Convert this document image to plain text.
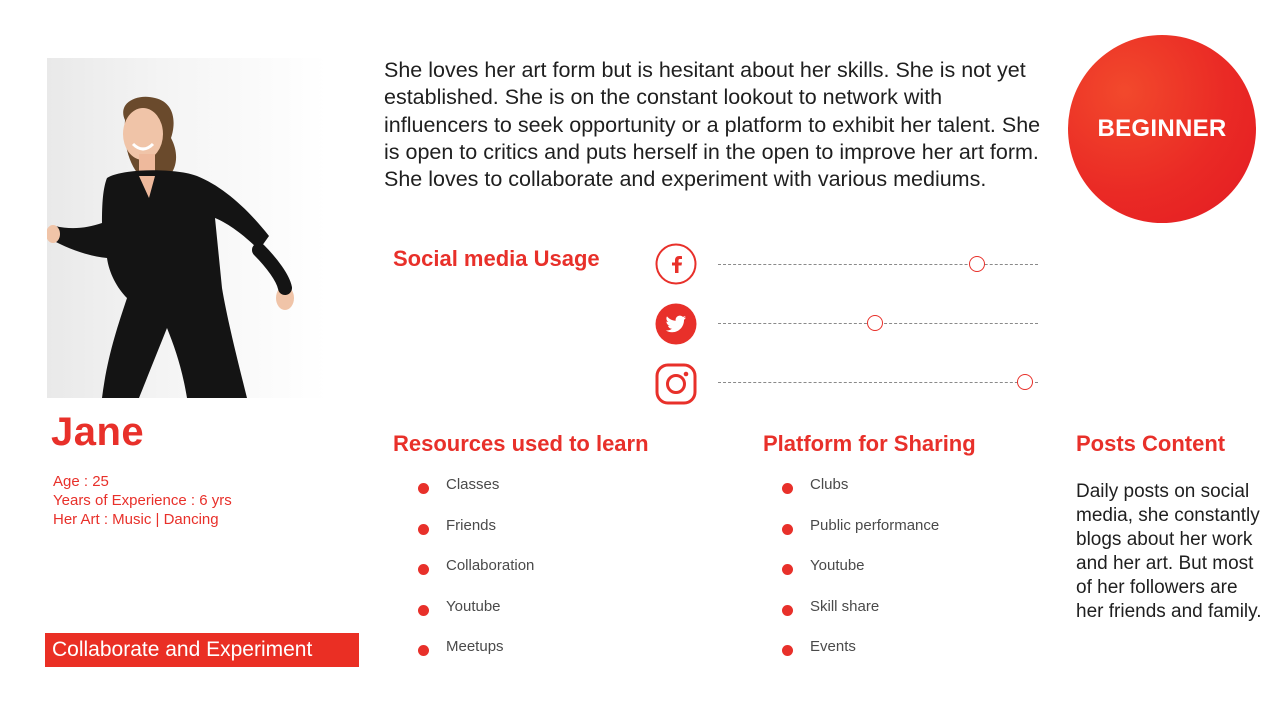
Jane
Age : 25
Years of Experience : 6 yrs
Her Art : Music | Dancing
Collaborate and Experiment
She loves her art form but is hesitant about her skills. She is not yet established. She is on the constant lookout to network with influencers to seek opportunity or a platform to exhibit her talent. She is open to critics and puts herself in the open to improve her art form. She loves to collaborate and experiment with various mediums.
BEGINNER
Social media Usage
Resources used to learn
Classes
Friends
Collaboration
Youtube
Meetups
Platform for Sharing
Clubs
Public performance
Youtube
Skill share
Events
Posts Content
Daily posts on social media, she constantly blogs about her work and her art. But most of her followers are her friends and family.
